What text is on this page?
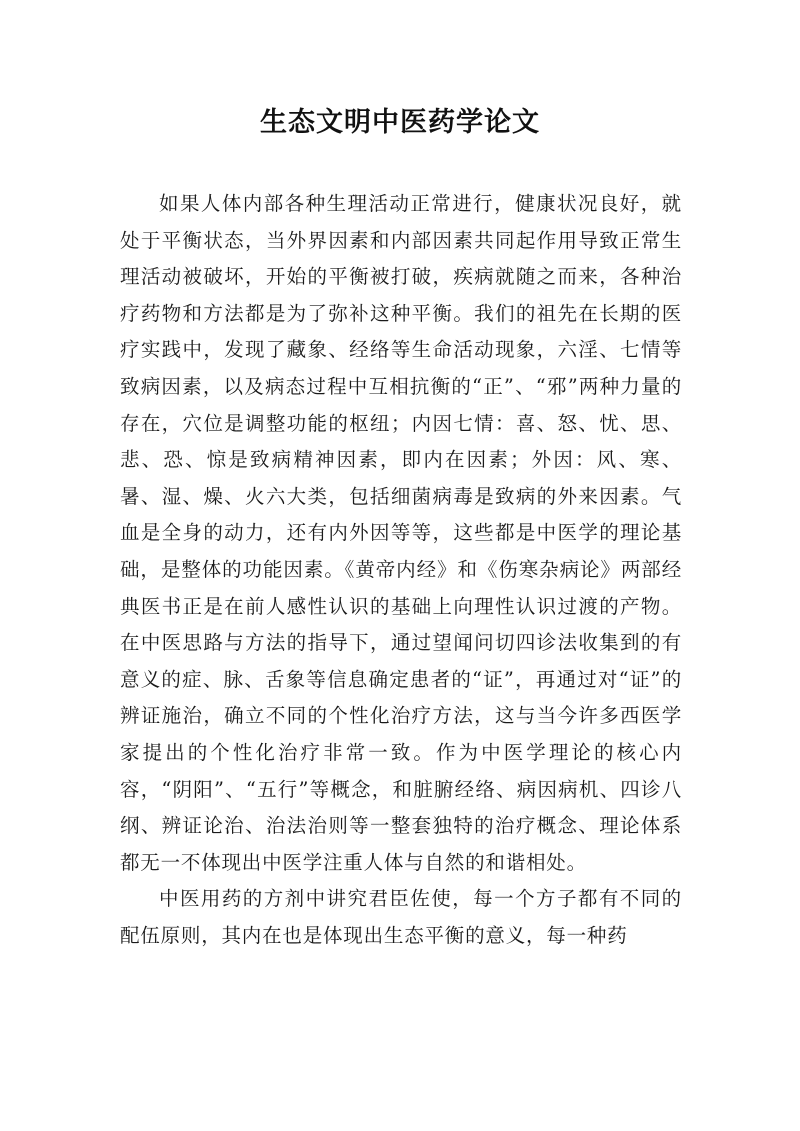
生态文明中医药学论文

如果人体内部各种生理活动正常进行，健康状况良好，就处于平衡状态，当外界因素和内部因素共同起作用导致正常生理活动被破坏，开始的平衡被打破，疾病就随之而来，各种治疗药物和方法都是为了弥补这种平衡。我们的祖先在长期的医疗实践中，发现了藏象、经络等生命活动现象，六淫、七情等致病因素，以及病态过程中互相抗衡的“正”、“邪”两种力量的存在，穴位是调整功能的枢纽；内因七情：喜、怒、忧、思、悲、恐、惊是致病精神因素，即内在因素；外因：风、寒、暑、湿、燥、火六大类，包括细菌病毒是致病的外来因素。气血是全身的动力，还有内外因等等，这些都是中医学的理论基础，是整体的功能因素。《黄帝内经》和《伤寒杂病论》两部经典医书正是在前人感性认识的基础上向理性认识过渡的产物。在中医思路与方法的指导下，通过望闻问切四诊法收集到的有意义的症、脉、舌象等信息确定患者的“证”，再通过对“证”的辨证施治，确立不同的个性化治疗方法，这与当今许多西医学家提出的个性化治疗非常一致。作为中医学理论的核心内容，“阴阳”、“五行”等概念，和脏腑经络、病因病机、四诊八纲、辨证论治、治法治则等一整套独特的治疗概念、理论体系都无一不体现出中医学注重人体与自然的和谐相处。

中医用药的方剂中讲究君臣佐使，每一个方子都有不同的配伍原则，其内在也是体现出生态平衡的意义，每一种药
